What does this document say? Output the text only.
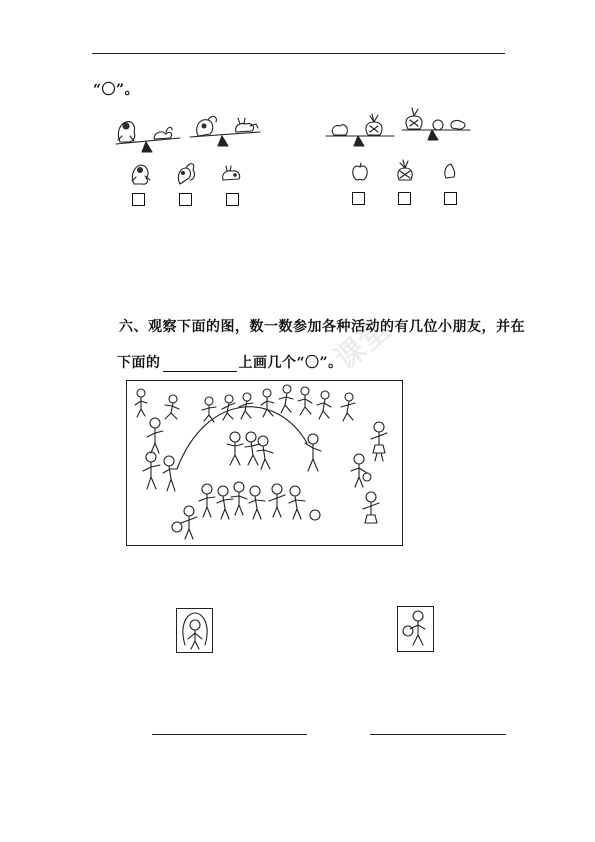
“〇”。
课堂
六、观察下面的图，数一数参加各种活动的有几位小朋友，并在
下面的	上画几个“〇”。
